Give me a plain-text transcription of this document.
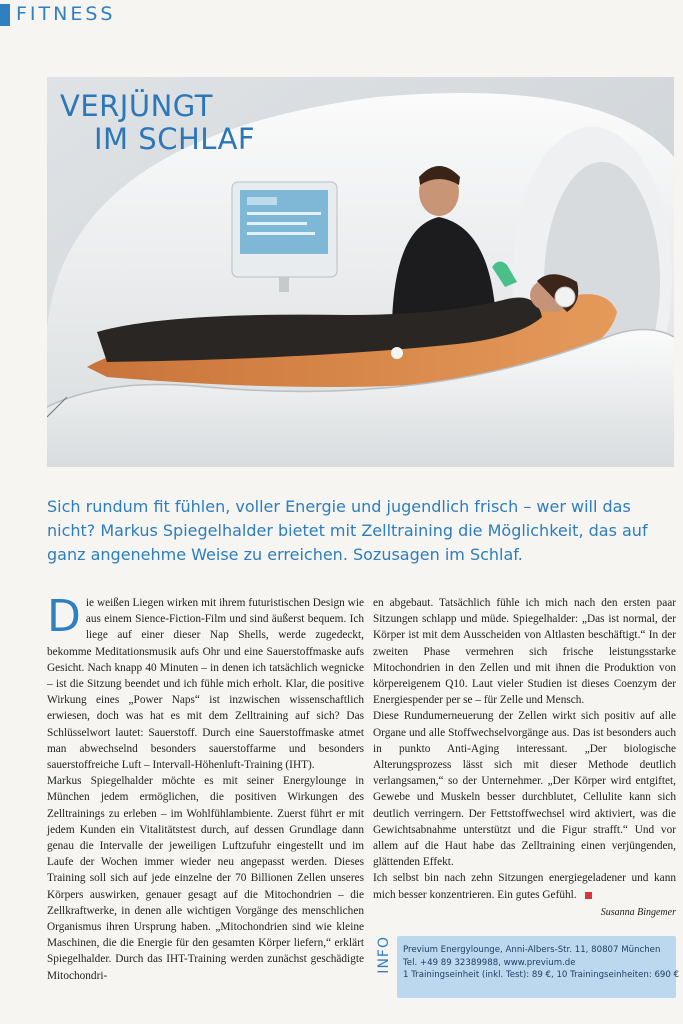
FITNESS
VERJÜNGT
IM SCHLAF
Sich rundum fit fühlen, voller Energie und jugendlich frisch – wer will das nicht? Markus Spiegelhalder bietet mit Zelltraining die Möglichkeit, das auf ganz angenehme Weise zu erreichen. Sozusagen im Schlaf.

Die weißen Liegen wirken mit ihrem futuristischen Design wie aus einem Sience-Fiction-Film und sind äußerst bequem. Ich liege auf einer dieser Nap Shells, werde zugedeckt, bekomme Meditationsmusik aufs Ohr und eine Sauerstoffmaske aufs Gesicht. Nach knapp 40 Minuten – in denen ich tatsächlich wegnicke – ist die Sitzung beendet und ich fühle mich erholt. Klar, die positive Wirkung eines „Power Naps“ ist inzwischen wissenschaftlich erwiesen, doch was hat es mit dem Zelltraining auf sich? Das Schlüsselwort lautet: Sauerstoff. Durch eine Sauerstoffmaske atmet man abwechselnd besonders sauerstoffarme und besonders sauerstoffreiche Luft – Intervall-Höhenluft-Training (IHT).

Markus Spiegelhalder möchte es mit seiner Energylounge in München jedem ermöglichen, die positiven Wirkungen des Zelltrainings zu erleben – im Wohlfühlambiente. Zuerst führt er mit jedem Kunden ein Vitalitätstest durch, auf dessen Grundlage dann genau die Intervalle der jeweiligen Luftzufuhr eingestellt und im Laufe der Wochen immer wieder neu angepasst werden. Dieses Training soll sich auf jede einzelne der 70 Billionen Zellen unseres Körpers auswirken, genauer gesagt auf die Mitochondrien – die Zellkraftwerke, in denen alle wichtigen Vorgänge des menschlichen Organismus ihren Ursprung haben. „Mitochondrien sind wie kleine Maschinen, die die Energie für den gesamten Körper liefern,“ erklärt Spiegelhalder. Durch das IHT-Training werden zunächst geschädigte Mitochondri-

en abgebaut. Tatsächlich fühle ich mich nach den ersten paar Sitzungen schlapp und müde. Spiegelhalder: „Das ist normal, der Körper ist mit dem Ausscheiden von Altlasten beschäftigt.“ In der zweiten Phase vermehren sich frische leistungsstarke Mitochondrien in den Zellen und mit ihnen die Produktion von körpereigenem Q10. Laut vieler Studien ist dieses Coenzym der Energiespender per se – für Zelle und Mensch.

Diese Rundumerneuerung der Zellen wirkt sich positiv auf alle Organe und alle Stoffwechselvorgänge aus. Das ist besonders auch in punkto Anti-Aging interessant. „Der biologische Alterungsprozess lässt sich mit dieser Methode deutlich verlangsamen,“ so der Unternehmer. „Der Körper wird entgiftet, Gewebe und Muskeln besser durchblutet, Cellulite kann sich deutlich verringern. Der Fettstoffwechsel wird aktiviert, was die Gewichtsabnahme unterstützt und die Figur strafft.“ Und vor allem auf die Haut habe das Zelltraining einen verjüngenden, glättenden Effekt.

Ich selbst bin nach zehn Sitzungen energiegeladener und kann mich besser konzentrieren. Ein gutes Gefühl.

Susanna Bingemer
INFO	Previum Energylounge, Anni-Albers-Str. 11, 80807 München
Tel. +49 89 32389988, www.previum.de
1 Trainingseinheit (inkl. Test): 89 €, 10 Trainingseinheiten: 690 €
